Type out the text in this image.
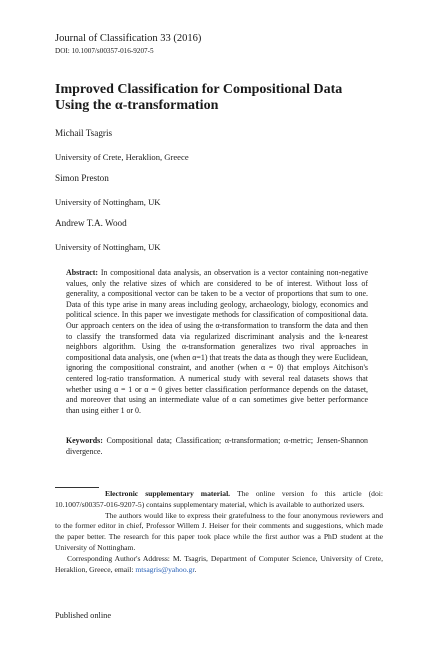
Journal of Classification 33 (2016)
DOI: 10.1007/s00357-016-9207-5
Improved Classification for Compositional Data
Using the α-transformation
Michail Tsagris
University of Crete, Heraklion, Greece
Simon Preston
University of Nottingham, UK
Andrew T.A. Wood
University of Nottingham, UK
Abstract: In compositional data analysis, an observation is a vector containing non-negative values, only the relative sizes of which are considered to be of interest. Without loss of generality, a compositional vector can be taken to be a vector of proportions that sum to one. Data of this type arise in many areas including geology, archaeology, biology, economics and political science. In this paper we investigate methods for classification of compositional data. Our approach centers on the idea of using the α-transformation to transform the data and then to classify the transformed data via regularized discriminant analysis and the k-nearest neighbors algorithm. Using the α-transformation generalizes two rival approaches in compositional data analysis, one (when α=1) that treats the data as though they were Euclidean, ignoring the compositional constraint, and another (when α = 0) that employs Aitchison's centered log-ratio transformation. A numerical study with several real datasets shows that whether using α = 1 or α = 0 gives better classification performance depends on the dataset, and moreover that using an intermediate value of α can sometimes give better performance than using either 1 or 0.
Keywords: Compositional data; Classification; α-transformation; α-metric; Jensen-Shannon divergence.

Electronic supplementary material. The online version fo this article (doi: 10.1007/s00357-016-9207-5) contains supplementary material, which is available to authorized users.

The authors would like to express their gratefulness to the four anonymous reviewers and to the former editor in chief, Professor Willem J. Heiser for their comments and suggestions, which made the paper better. The research for this paper took place while the first author was a PhD student at the University of Nottingham.

Corresponding Author's Address: M. Tsagris, Department of Computer Science, University of Crete, Heraklion, Greece, email: mtsagris@yahoo.gr.

Published online
